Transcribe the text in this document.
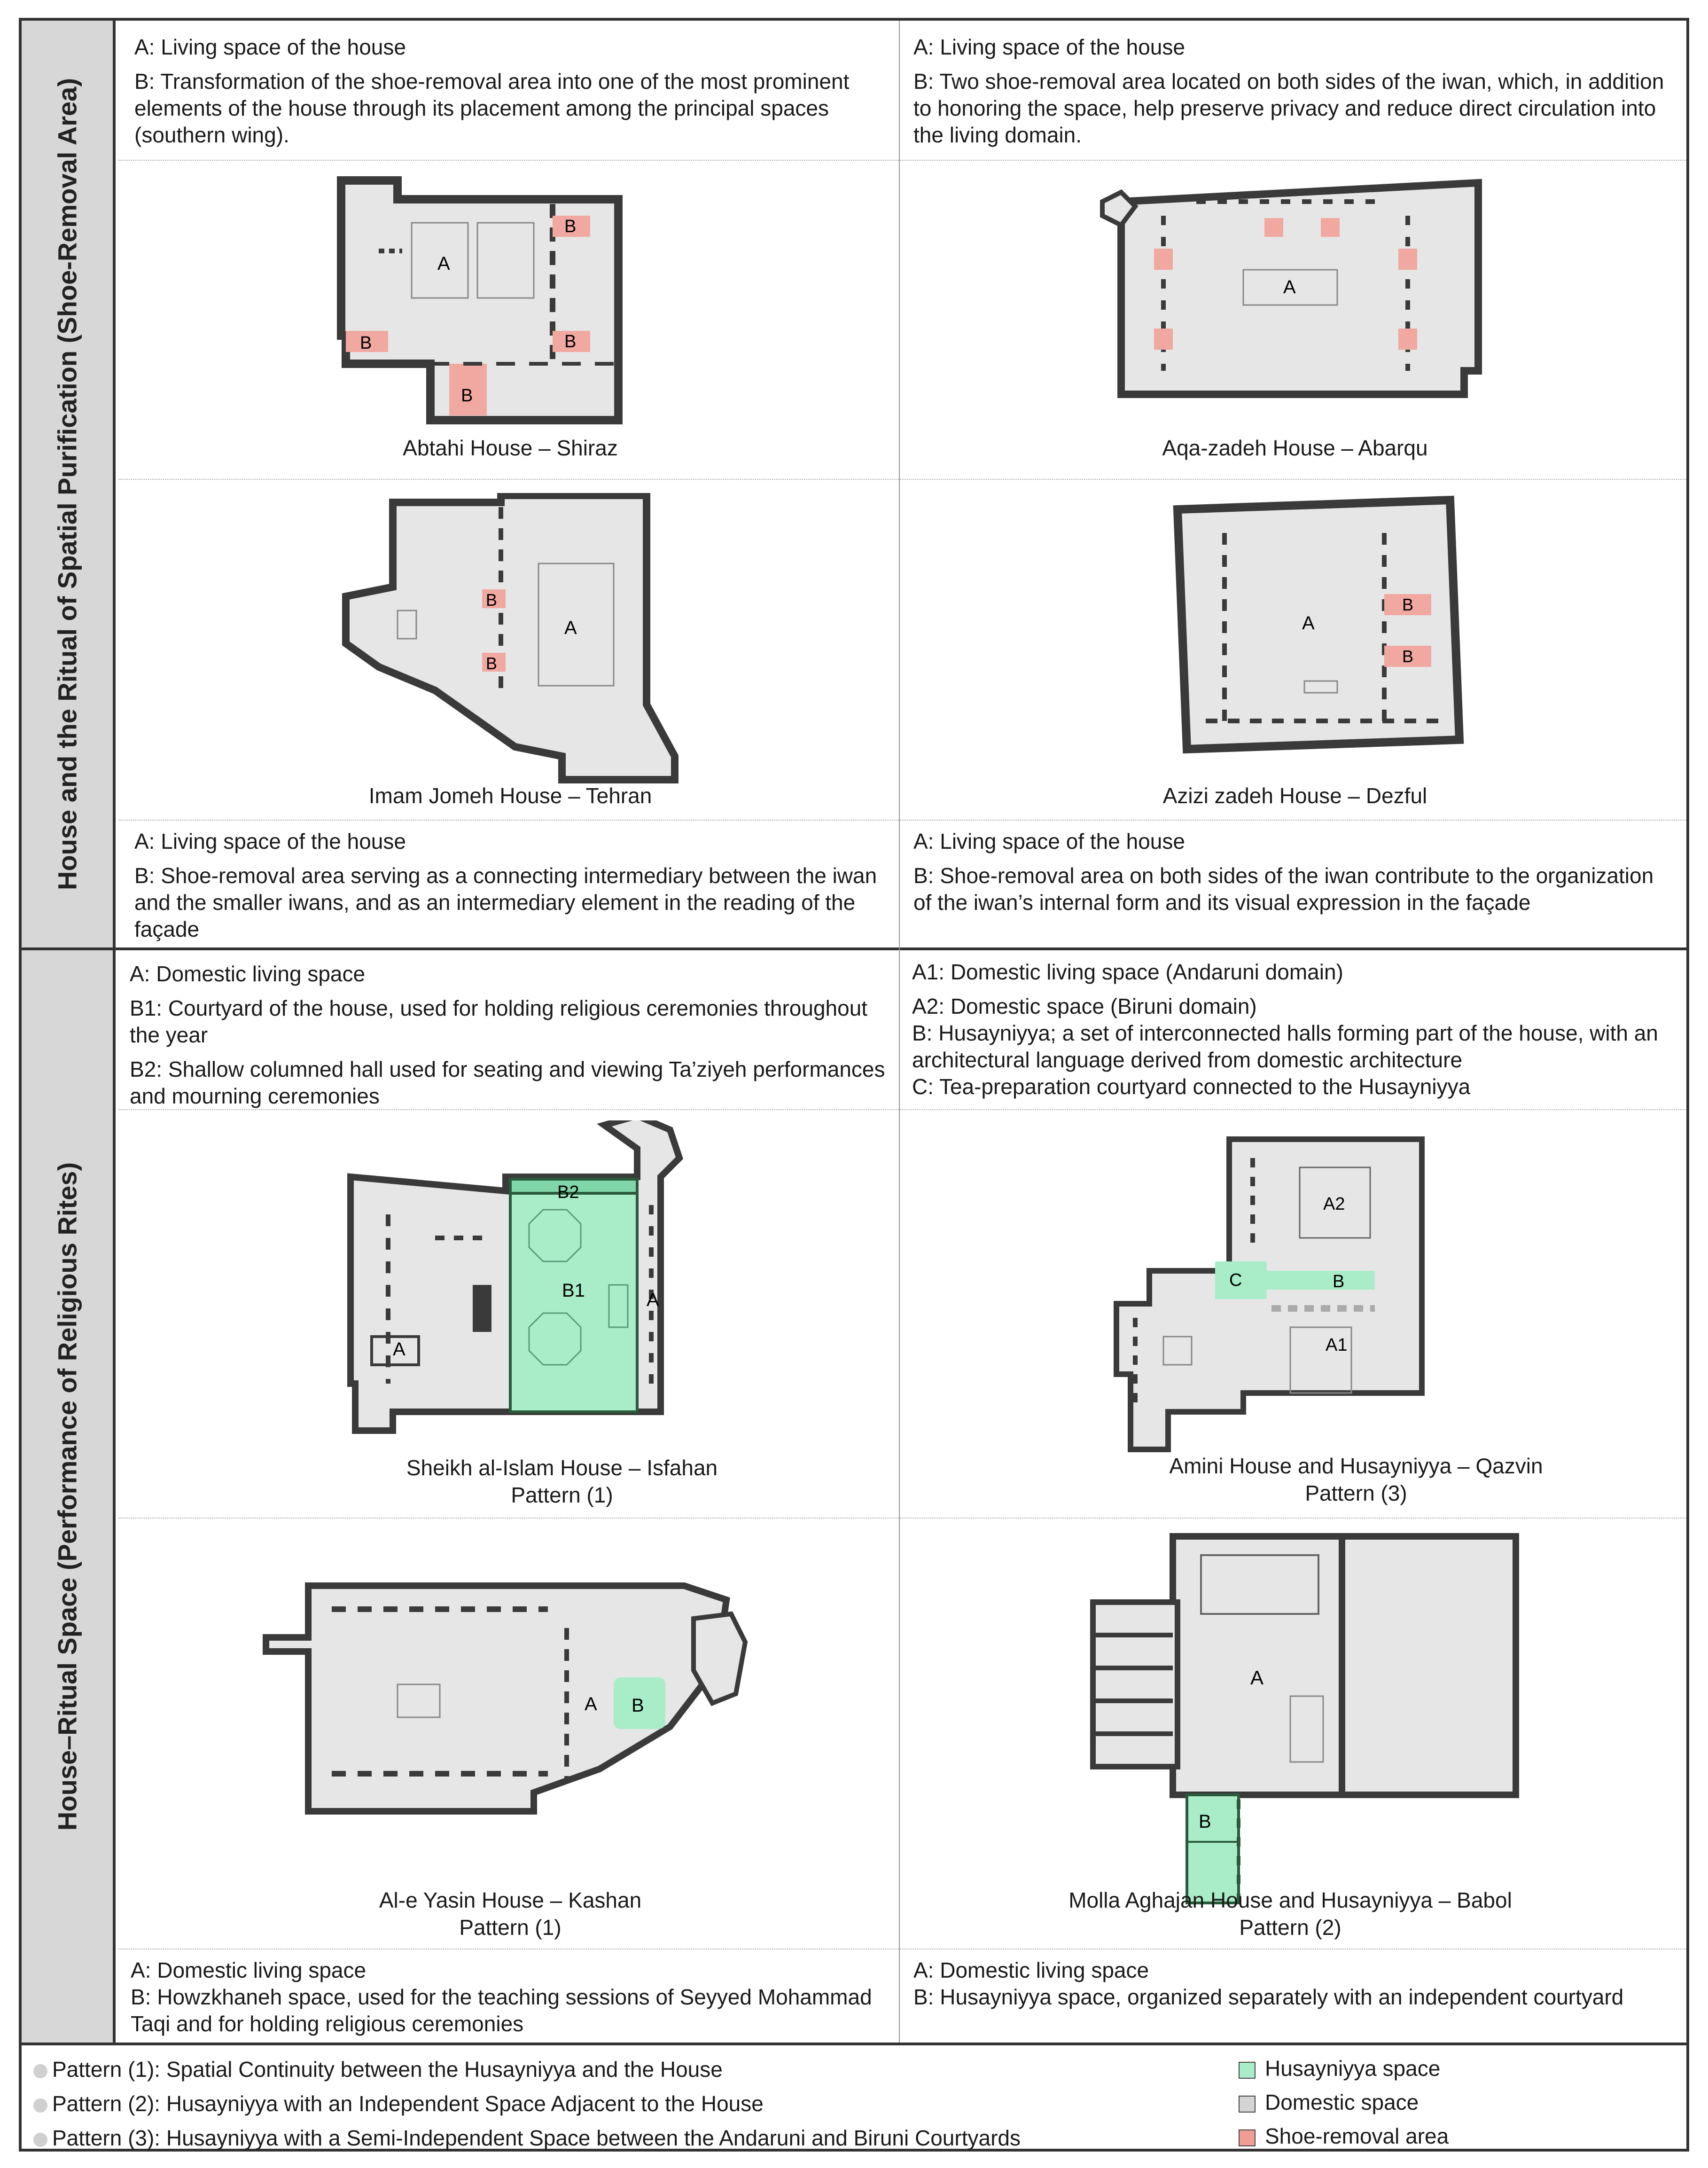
House and the Ritual of Spatial Purification (Shoe-Removal Area)
House–Ritual Space (Performance of Religious Rites)

A: Living space of the house

B: Transformation of the shoe-removal area into one of the most prominent elements of the house through its placement among the principal spaces (southern wing).

A: Living space of the house

B: Two shoe-removal area located on both sides of the iwan, which, in addition to honoring the space, help preserve privacy and reduce direct circulation into the living domain.

A: Living space of the house

B: Shoe-removal area serving as a connecting intermediary between the iwan and the smaller iwans, and as an intermediary element in the reading of the façade

A: Living space of the house

B: Shoe-removal area on both sides of the iwan contribute to the organization of the iwan’s internal form and its visual expression in the façade

A
B
B
B
B
Abtahi House – Shiraz
A
Aqa-zadeh House – Abarqu
A
B
B
Imam Jomeh House – Tehran
A
B
B
Azizi zadeh House – Dezful

A: Domestic living space

B1: Courtyard of the house, used for holding religious ceremonies throughout the year

B2: Shallow columned hall used for seating and viewing Ta’ziyeh performances and mourning ceremonies

A1: Domestic living space (Andaruni domain)

A2: Domestic space (Biruni domain)

B: Husayniyya; a set of interconnected halls forming part of the house, with an architectural language derived from domestic architecture

C: Tea-preparation courtyard connected to the Husayniyya

A: Domestic living space

B: Howzkhaneh space, used for the teaching sessions of Seyyed Mohammad Taqi and for holding religious ceremonies

A: Domestic living space

B: Husayniyya space, organized separately with an independent courtyard

B2
B1	A
A
Sheikh al-Islam House – Isfahan
Pattern (1)
A2
C	B
A1
Amini House and Husayniyya – Qazvin
Pattern (3)
A B
Al-e Yasin House – Kashan
Pattern (1)
A
B
Molla Aghajan House and Husayniyya – Babol
Pattern (2)
Pattern (1): Spatial Continuity between the Husayniyya and the House
Pattern (2): Husayniyya with an Independent Space Adjacent to the House
Pattern (3): Husayniyya with a Semi-Independent Space between the Andaruni and Biruni Courtyards
Husayniyya space
Domestic space
Shoe-removal area
